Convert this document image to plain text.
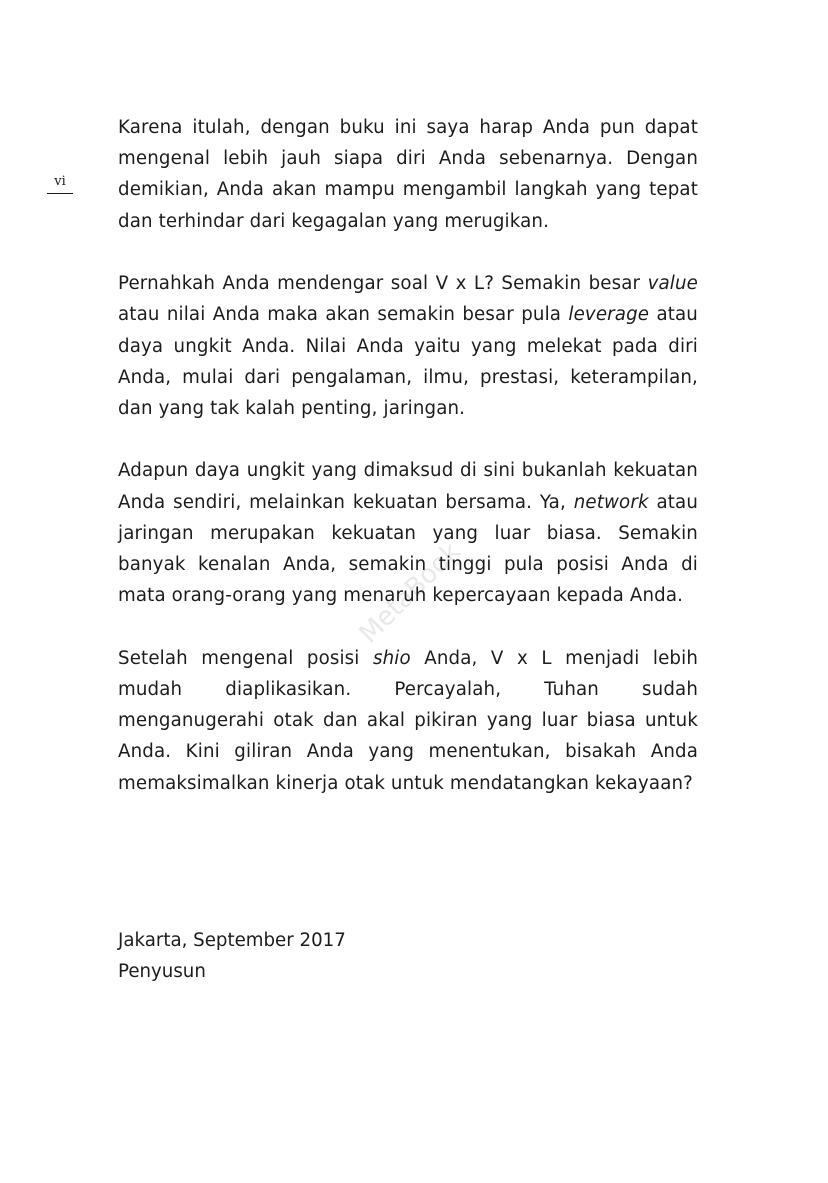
vi
MetaBook

Karena itulah, dengan buku ini saya harap Anda pun dapat mengenal lebih jauh siapa diri Anda sebenarnya. Dengan demikian, Anda akan mampu mengambil langkah yang tepat dan terhindar dari kegagalan yang merugikan.

Pernahkah Anda mendengar soal V x L? Semakin besar value atau nilai Anda maka akan semakin besar pula leverage atau daya ungkit Anda. Nilai Anda yaitu yang melekat pada diri Anda, mulai dari pengalaman, ilmu, prestasi, keterampilan, dan yang tak kalah penting, jaringan.

Adapun daya ungkit yang dimaksud di sini bukanlah kekuatan Anda sendiri, melainkan kekuatan bersama. Ya, network atau jaringan merupakan kekuatan yang luar biasa. Semakin banyak kenalan Anda, semakin tinggi pula posisi Anda di mata orang-orang yang menaruh kepercayaan kepada Anda.

Setelah mengenal posisi shio Anda, V x L menjadi lebih mudah diaplikasikan. Percayalah, Tuhan sudah menganugerahi otak dan akal pikiran yang luar biasa untuk Anda. Kini giliran Anda yang menentukan, bisakah Anda memaksimalkan kinerja otak untuk mendatangkan kekayaan?

Jakarta, September 2017
Penyusun
